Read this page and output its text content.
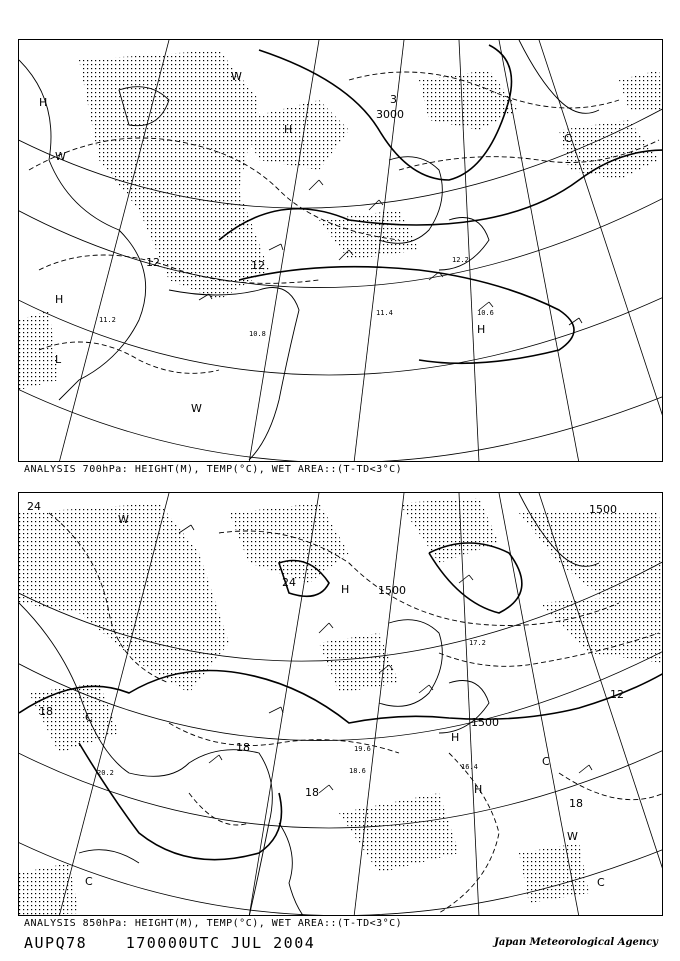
3000
12	12
3
H
H
H
H
L
W
W
W
C
12.2
10.6
11.2
11.4
10.8
ANALYSIS 700hPa: HEIGHT(M), TEMP(°C), WET AREA::(T-TD<3°C)
1500
1500
1500
24
24
18
18
18
12
18
H
H
H
C
C
C
W
C
W
20.2	18.6
17.2
16.4
19.6
ANALYSIS 850hPa: HEIGHT(M), TEMP(°C), WET AREA::(T-TD<3°C)
AUPQ78	170000UTC JUL 2004	Japan Meteorological Agency
